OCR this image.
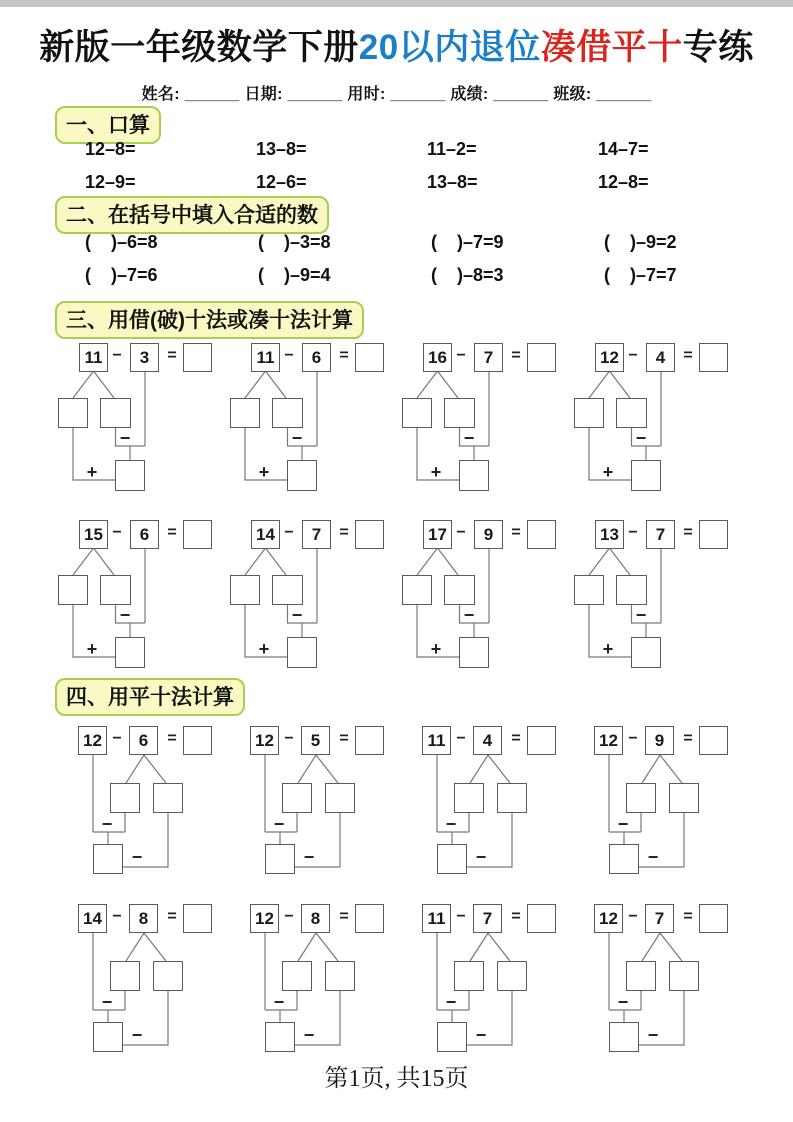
新版一年级数学下册20以内退位凑借平十专练
姓名: ______ 日期: ______ 用时: ______ 成绩: ______ 班级: ______
一、口算
12–8=	13–8=	11–2=	14–7=
12–9=	12–6=	13–8=	12–8=
二、在括号中填入合适的数
(    )–6=8	(    )–3=8	(    )–7=9	(    )–9=2
(    )–7=6	(    )–9=4	(    )–8=3	(    )–7=7
三、用借(破)十法或凑十法计算
11 −	3	=
−
+
11 −	6	=
−
+
16 −	7	=
−
+
12 −	4	=
−
+
15 −	6	=
−
+
14 −	7	=
−
+
17 −	9	=
−
+
13 −	7	=
−
+
四、用平十法计算
12 −	6	=
−
−
12 −	5	=
−
−
11 −	4	=
−
−
12 −	9	=
−
−
14 −	8	=
−
−
12 −	8	=
−
−
11 −	7	=
−
−
12 −	7	=
−
−
第1页, 共15页
